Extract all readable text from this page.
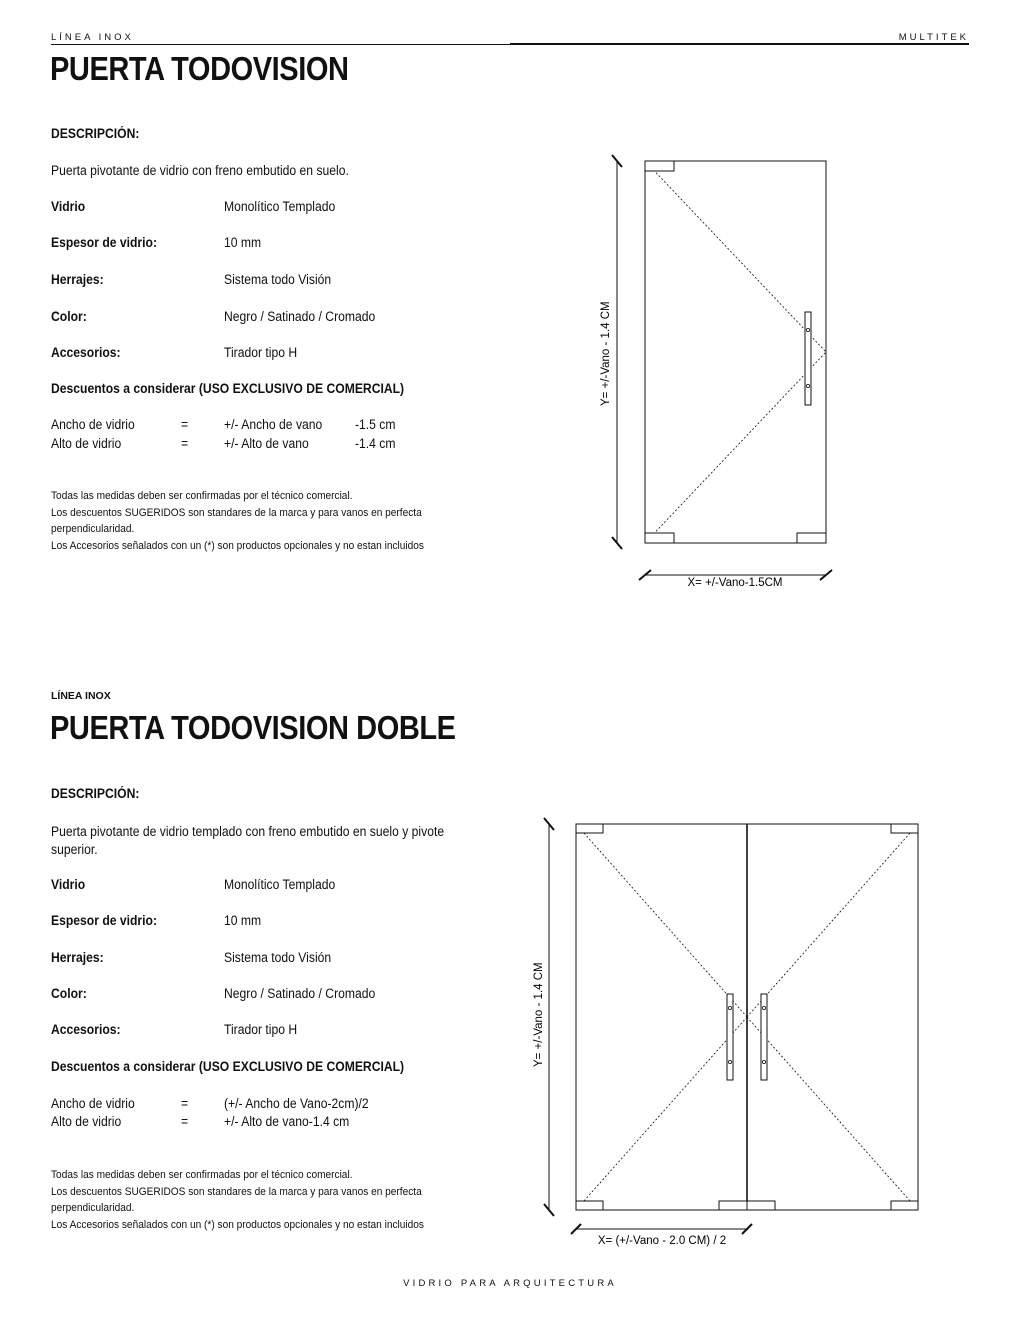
LÍNEA INOX	MULTITEK
PUERTA TODOVISION
DESCRIPCIÓN:
Puerta pivotante de vidrio con freno embutido en suelo.
Vidrio	Monolítico Templado
Espesor de vidrio:	10 mm
Herrajes:	Sistema todo Visión
Color:	Negro / Satinado / Cromado
Accesorios:	Tirador tipo H
Descuentos a considerar (USO EXCLUSIVO DE COMERCIAL)
Ancho de vidrio	=	+/- Ancho de vano -1.5 cm
Alto de vidrio	=	+/- Alto de vano	-1.4 cm
Todas las medidas deben ser confirmadas por el técnico comercial.
Los descuentos SUGERIDOS son standares de la marca y para vanos en perfecta
perpendicularidad.
Los Accesorios señalados con un (*) son productos opcionales y no estan incluidos
Y= +/-Vano - 1.4 CM
X= +/-Vano-1.5CM
LÍNEA INOX
PUERTA TODOVISION DOBLE
DESCRIPCIÓN:
Puerta pivotante de vidrio templado con freno embutido en suelo y pivote
superior.
Vidrio	Monolítico Templado
Espesor de vidrio:	10 mm
Herrajes:	Sistema todo Visión
Color:	Negro / Satinado / Cromado
Accesorios:	Tirador tipo H
Descuentos a considerar (USO EXCLUSIVO DE COMERCIAL)
Ancho de vidrio	=	(+/- Ancho de Vano-2cm)/2
Alto de vidrio	=	+/- Alto de vano-1.4 cm
Todas las medidas deben ser confirmadas por el técnico comercial.
Los descuentos SUGERIDOS son standares de la marca y para vanos en perfecta
perpendicularidad.
Los Accesorios señalados con un (*) son productos opcionales y no estan incluidos
Y= +/-Vano - 1.4 CM
X= (+/-Vano - 2.0 CM) / 2
VIDRIO PARA ARQUITECTURA
